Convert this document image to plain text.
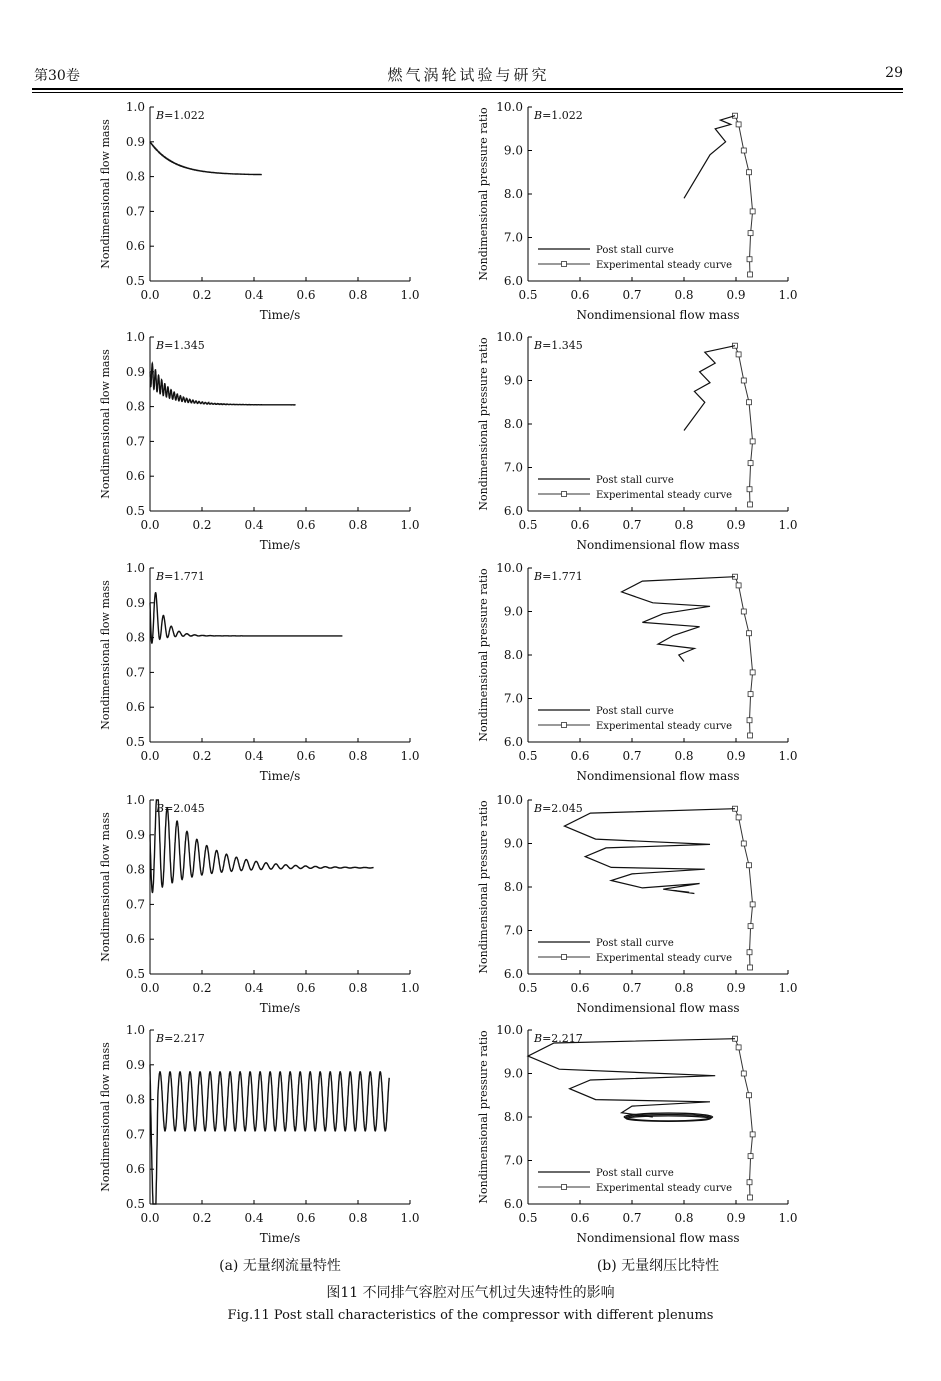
第30卷	燃气涡轮试验与研究	29
0.0	0.2	0.4	0.6	0.8	1.0
0.5
0.6
0.7
0.8
0.9
1.0
Time/s
Nondimensional flow mass
B=1.022
0.5	0.6	0.7	0.8	0.9	1.0
6.0
7.0
8.0
9.0
10.0
Nondimensional flow mass
Nondimensional pressure ratio	B=1.022
Post stall curve
Experimental steady curve
0.0	0.2	0.4	0.6	0.8	1.0
0.5
0.6
0.7
0.8
0.9
1.0
Time/s
Nondimensional flow mass
B=1.345
0.5	0.6	0.7	0.8	0.9	1.0
6.0
7.0
8.0
9.0
10.0
Nondimensional flow mass
Nondimensional pressure ratio	B=1.345
Post stall curve
Experimental steady curve
0.0	0.2	0.4	0.6	0.8	1.0
0.5
0.6
0.7
0.8
0.9
1.0
Time/s
Nondimensional flow mass
B=1.771
0.5	0.6	0.7	0.8	0.9	1.0
6.0
7.0
8.0
9.0
10.0
Nondimensional flow mass
Nondimensional pressure ratio	B=1.771
Post stall curve
Experimental steady curve
0.0	0.2	0.4	0.6	0.8	1.0
0.5
0.6
0.7
0.8
0.9
1.0
Time/s
Nondimensional flow mass
B=2.045
0.5	0.6	0.7	0.8	0.9	1.0
6.0
7.0
8.0
9.0
10.0
Nondimensional flow mass
Nondimensional pressure ratio	B=2.045
Post stall curve
Experimental steady curve
0.0	0.2	0.4	0.6	0.8	1.0
0.5
0.6
0.7
0.8
0.9
1.0
Time/s
Nondimensional flow mass
B=2.217
0.5	0.6	0.7	0.8	0.9	1.0
6.0
7.0
8.0
9.0
10.0
Nondimensional flow mass
Nondimensional pressure ratio	B=2.217
Post stall curve
Experimental steady curve
(a) 无量纲流量特性	(b) 无量纲压比特性
图11 不同排气容腔对压气机过失速特性的影响
Fig.11 Post stall characteristics of the compressor with different plenums
